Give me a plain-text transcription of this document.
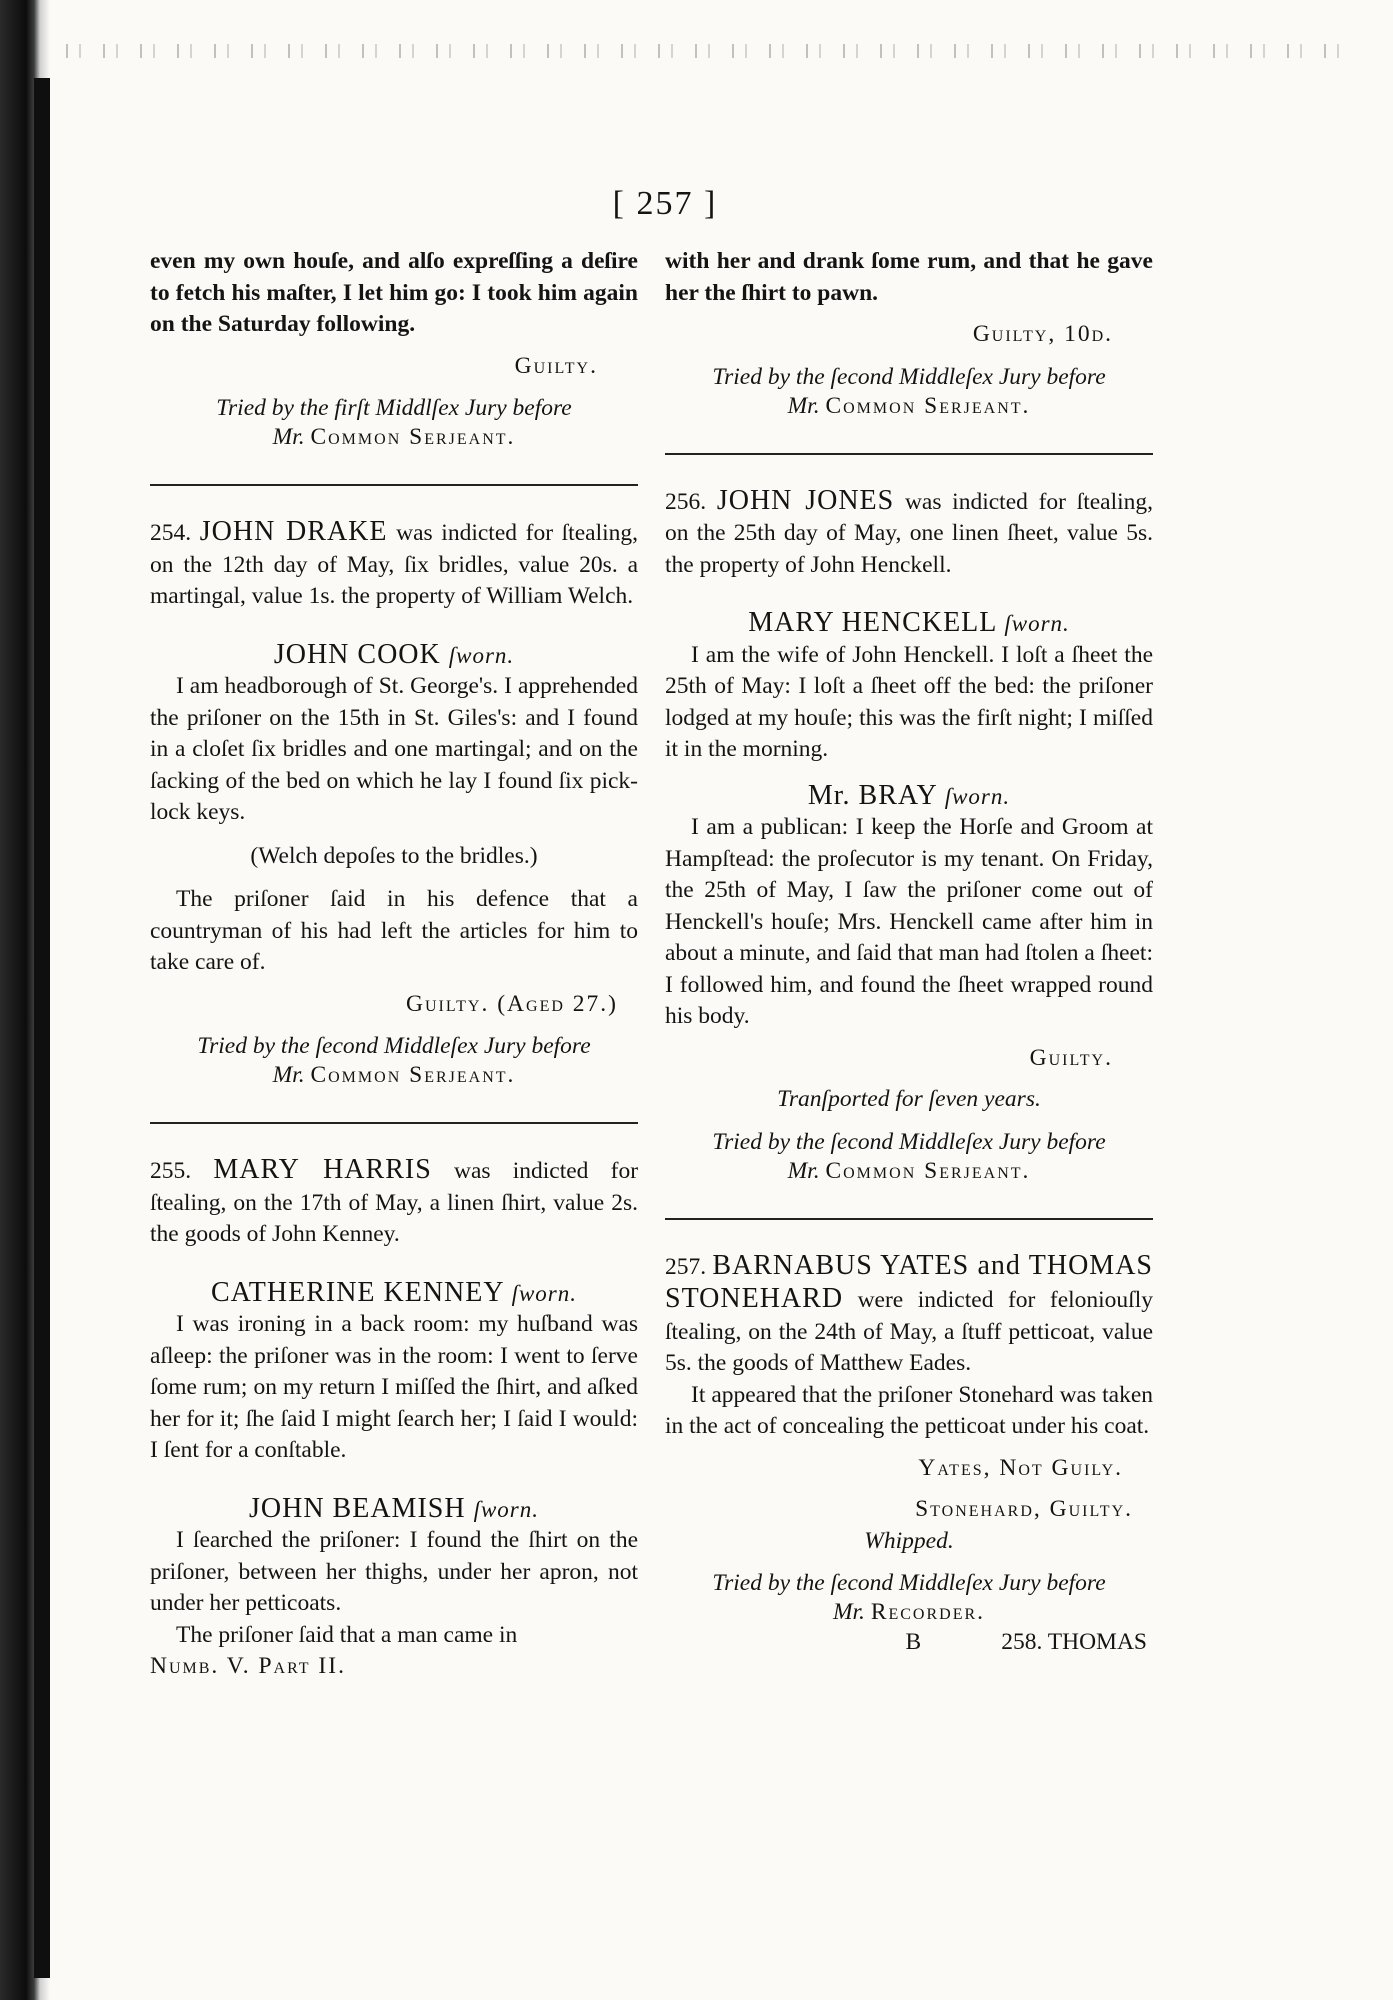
[ 257 ]

even my own houſe, and alſo expreſſing a deſire to fetch his maſter, I let him go: I took him again on the Saturday following.

Guilty.

Tried by the firſt Middlſex Jury before
Mr. Common Serjeant.

254. JOHN DRAKE was indicted for ſtealing, on the 12th day of May, ſix bridles, value 20s. a martingal, value 1s. the property of William Welch.

JOHN COOK ſworn.

I am headborough of St. George's. I apprehended the priſoner on the 15th in St. Giles's: and I found in a cloſet ſix bridles and one martingal; and on the ſacking of the bed on which he lay I found ſix pick-lock keys.

(Welch depoſes to the bridles.)

The priſoner ſaid in his defence that a countryman of his had left the articles for him to take care of.

Guilty. (Aged 27.)

Tried by the ſecond Middleſex Jury before
Mr. Common Serjeant.

255. MARY HARRIS was indicted for ſtealing, on the 17th of May, a linen ſhirt, value 2s. the goods of John Kenney.

CATHERINE KENNEY ſworn.

I was ironing in a back room: my huſband was aſleep: the priſoner was in the room: I went to ſerve ſome rum; on my return I miſſed the ſhirt, and aſked her for it; ſhe ſaid I might ſearch her; I ſaid I would: I ſent for a conſtable.

JOHN BEAMISH ſworn.

I ſearched the priſoner: I found the ſhirt on the priſoner, between her thighs, under her apron, not under her petticoats.

The priſoner ſaid that a man came in

Numb. V. Part II.

with her and drank ſome rum, and that he gave her the ſhirt to pawn.

Guilty, 10d.

Tried by the ſecond Middleſex Jury before
Mr. Common Serjeant.

256. JOHN JONES was indicted for ſtealing, on the 25th day of May, one linen ſheet, value 5s. the property of John Henckell.

MARY HENCKELL ſworn.

I am the wife of John Henckell. I loſt a ſheet the 25th of May: I loſt a ſheet off the bed: the priſoner lodged at my houſe; this was the firſt night; I miſſed it in the morning.

Mr. BRAY ſworn.

I am a publican: I keep the Horſe and Groom at Hampſtead: the proſecutor is my tenant. On Friday, the 25th of May, I ſaw the priſoner come out of Henckell's houſe; Mrs. Henckell came after him in about a minute, and ſaid that man had ſtolen a ſheet: I followed him, and found the ſheet wrapped round his body.

Guilty.

Tranſported for ſeven years.

Tried by the ſecond Middleſex Jury before
Mr. Common Serjeant.

257. BARNABUS YATES and THOMAS STONEHARD were indicted for feloniouſly ſtealing, on the 24th of May, a ſtuff petticoat, value 5s. the goods of Matthew Eades.

It appeared that the priſoner Stonehard was taken in the act of concealing the petticoat under his coat.

Yates, Not Guily.

Stonehard, Guilty.

Whipped.

Tried by the ſecond Middleſex Jury before
Mr. Recorder.
B	258. THOMAS
